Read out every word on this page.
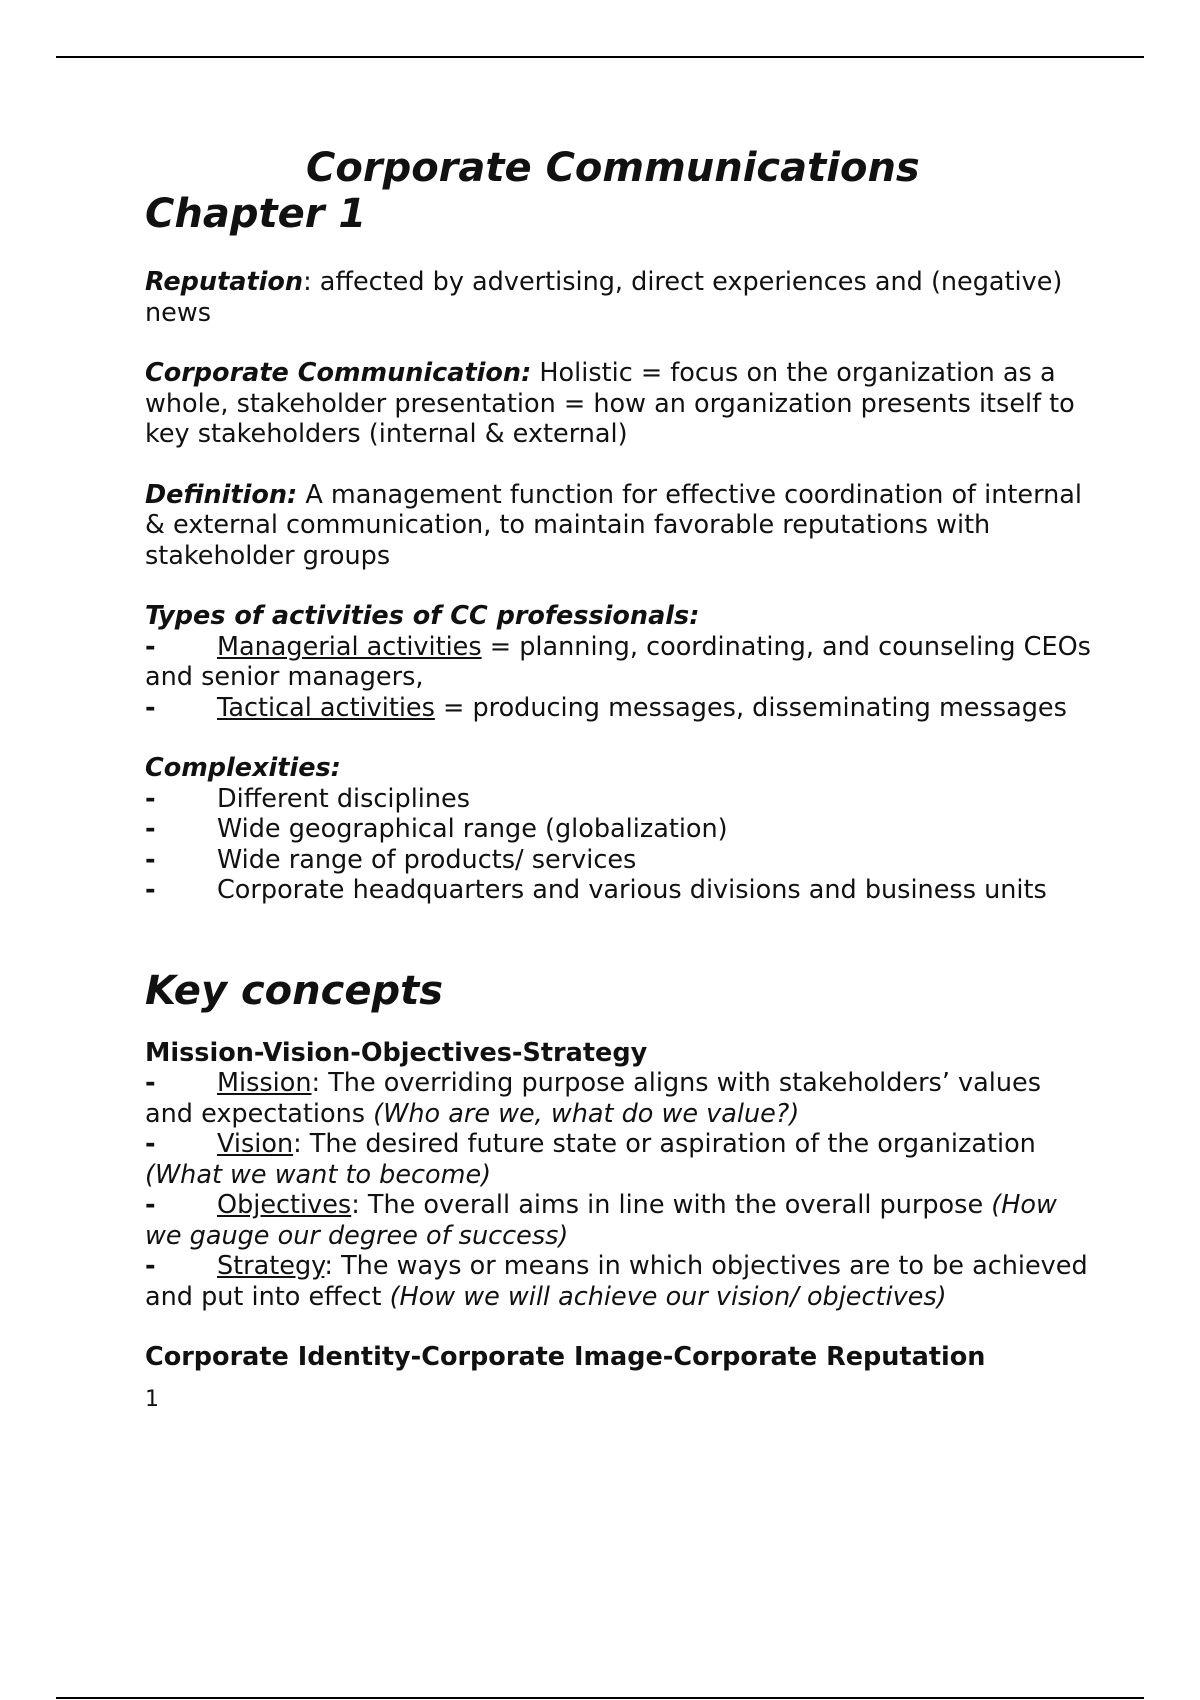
Corporate Communications

Chapter 1

Reputation: affected by advertising, direct experiences and (negative) news

Corporate Communication: Holistic = focus on the organization as a whole, stakeholder presentation = how an organization presents itself to key stakeholders (internal & external)

Definition: A management function for effective coordination of internal & external communication, to maintain favorable reputations with stakeholder groups

Types of activities of CC professionals:

- Managerial activities = planning, coordinating, and counseling CEOs and senior managers,

- Tactical activities = producing messages, disseminating messages

Complexities:

- Different disciplines

- Wide geographical range (globalization)

- Wide range of products/ services

- Corporate headquarters and various divisions and business units

Key concepts

Mission-Vision-Objectives-Strategy

- Mission: The overriding purpose aligns with stakeholders’ values and expectations (Who are we, what do we value?)

- Vision: The desired future state or aspiration of the organization (What we want to become)

- Objectives: The overall aims in line with the overall purpose (How we gauge our degree of success)

- Strategy: The ways or means in which objectives are to be achieved and put into effect (How we will achieve our vision/ objectives)

Corporate Identity-Corporate Image-Corporate Reputation

1
